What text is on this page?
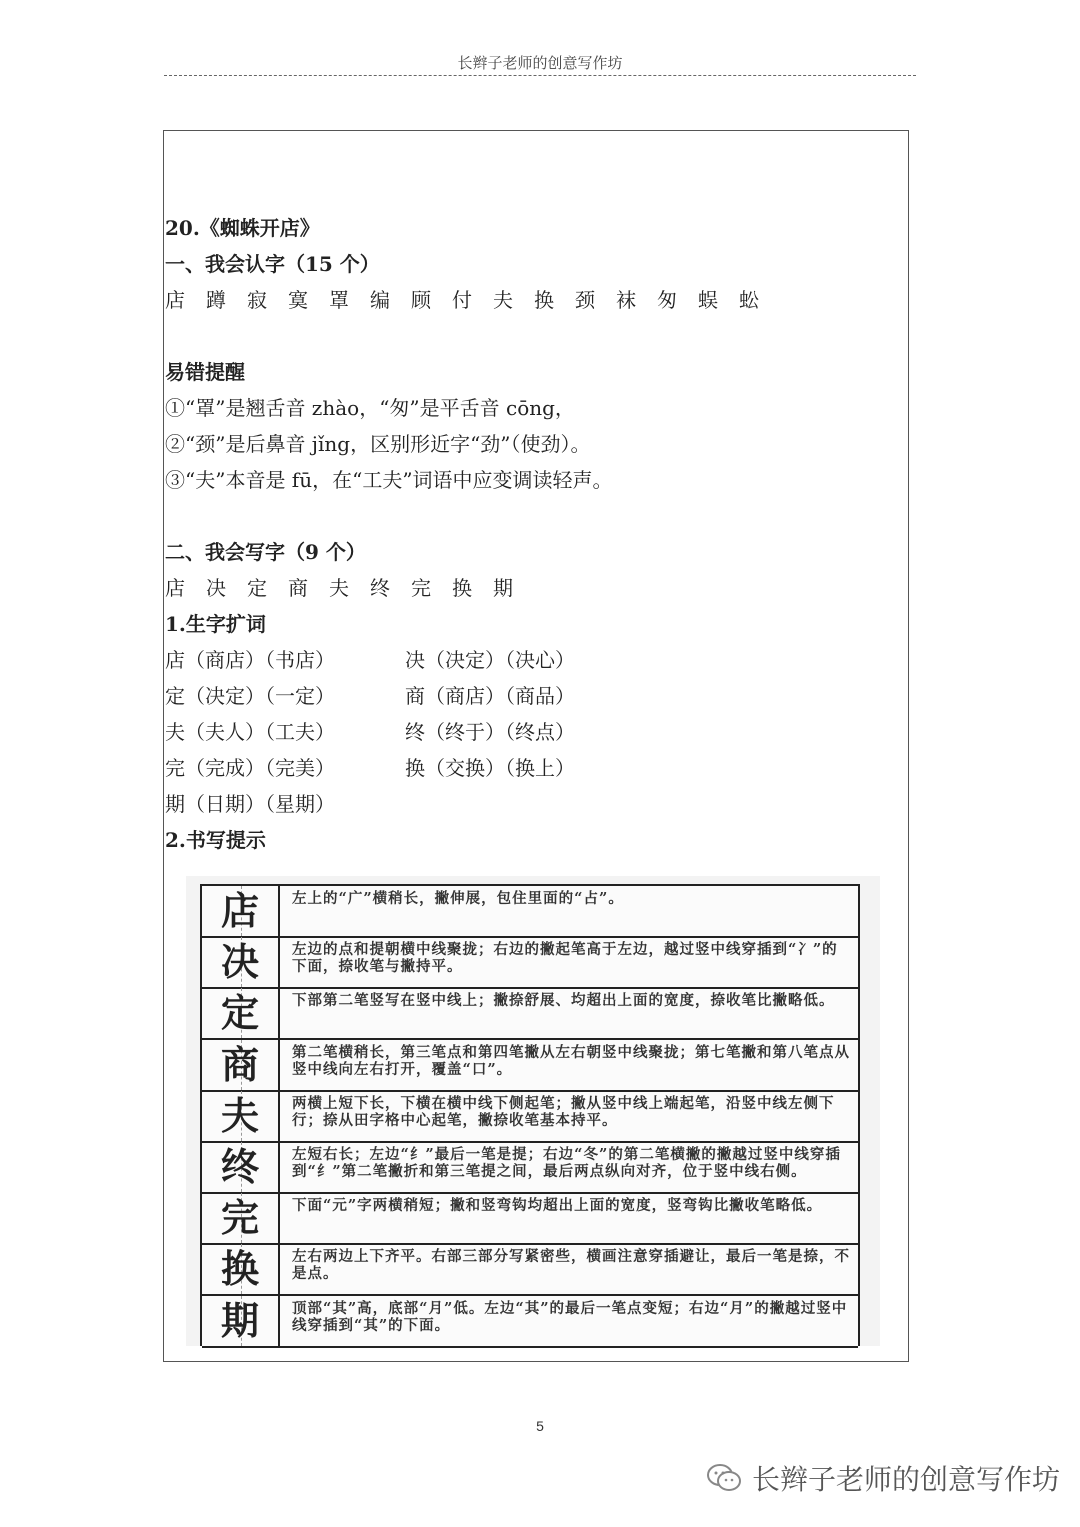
长辫子老师的创意写作坊
20.《蜘蛛开店》
一、我会认字（15 个）
店 蹲 寂 寞 罩 编 顾 付 夫 换 颈 袜 匆 蜈 蚣
易错提醒
①“罩”是翘舌音 zhào，“匆”是平舌音 cōng，
②“颈”是后鼻音 jǐng，区别形近字“劲”（使劲）。
③“夫”本音是 fū，在“工夫”词语中应变调读轻声。
二、我会写字（9 个）
店 决 定 商 夫 终 完 换 期
1.生字扩词
店（商店）（书店）	决（决定）（决心）
定（决定）（一定）	商（商店）（商品）
夫（夫人）（工夫）	终（终于）（终点）
完（完成）（完美）	换（交换）（换上）
期（日期）（星期）
2.书写提示
店	左上的“广”横稍长，撇伸展，包住里面的“占”。
决	左边的点和提朝横中线聚拢；右边的撇起笔高于左边，越过竖中线穿插到“冫”的下面，捺收笔与撇持平。
定	下部第二笔竖写在竖中线上；撇捺舒展、均超出上面的宽度，捺收笔比撇略低。
商	第二笔横稍长，第三笔点和第四笔撇从左右朝竖中线聚拢；第七笔撇和第八笔点从竖中线向左右打开，覆盖“口”。
夫	两横上短下长，下横在横中线下侧起笔；撇从竖中线上端起笔，沿竖中线左侧下行；捺从田字格中心起笔，撇捺收笔基本持平。
终	左短右长；左边“纟”最后一笔是提；右边“冬”的第二笔横撇的撇越过竖中线穿插到“纟”第二笔撇折和第三笔提之间，最后两点纵向对齐，位于竖中线右侧。
完	下面“元”字两横稍短；撇和竖弯钩均超出上面的宽度，竖弯钩比撇收笔略低。
换	左右两边上下齐平。右部三部分写紧密些，横画注意穿插避让，最后一笔是捺，不是点。
期	顶部“其”高，底部“月”低。左边“其”的最后一笔点变短；右边“月”的撇越过竖中线穿插到“其”的下面。
5
长辫子老师的创意写作坊
